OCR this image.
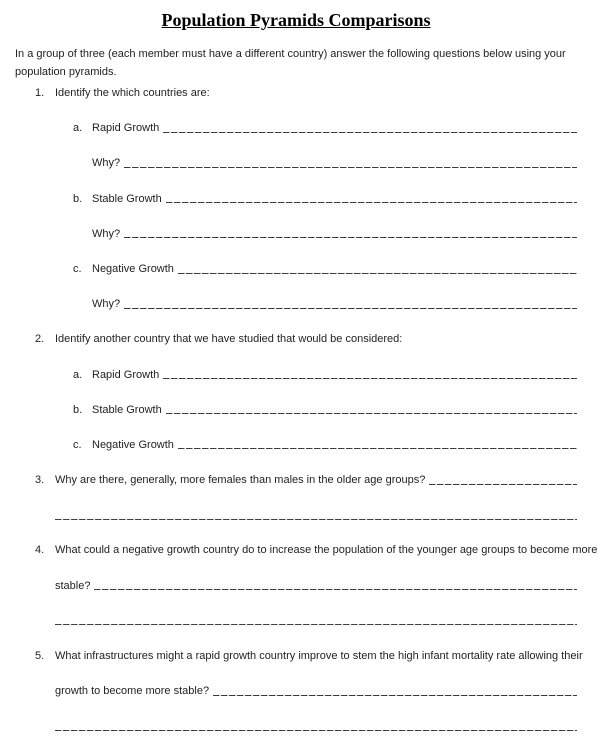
Population Pyramids Comparisons
In a group of three (each member must have a different country) answer the following questions below using your
population pyramids.
1. Identify the which countries are:
a. Rapid Growth
Why?
b. Stable Growth
Why?
c. Negative Growth
Why?
2. Identify another country that we have studied that would be considered:
a. Rapid Growth
b. Stable Growth
c. Negative Growth
3. Why are there, generally, more females than males in the older age groups?
4. What could a negative growth country do to increase the population of the younger age groups to become more
stable?
5. What infrastructures might a rapid growth country improve to stem the high infant mortality rate allowing their
growth to become more stable?
